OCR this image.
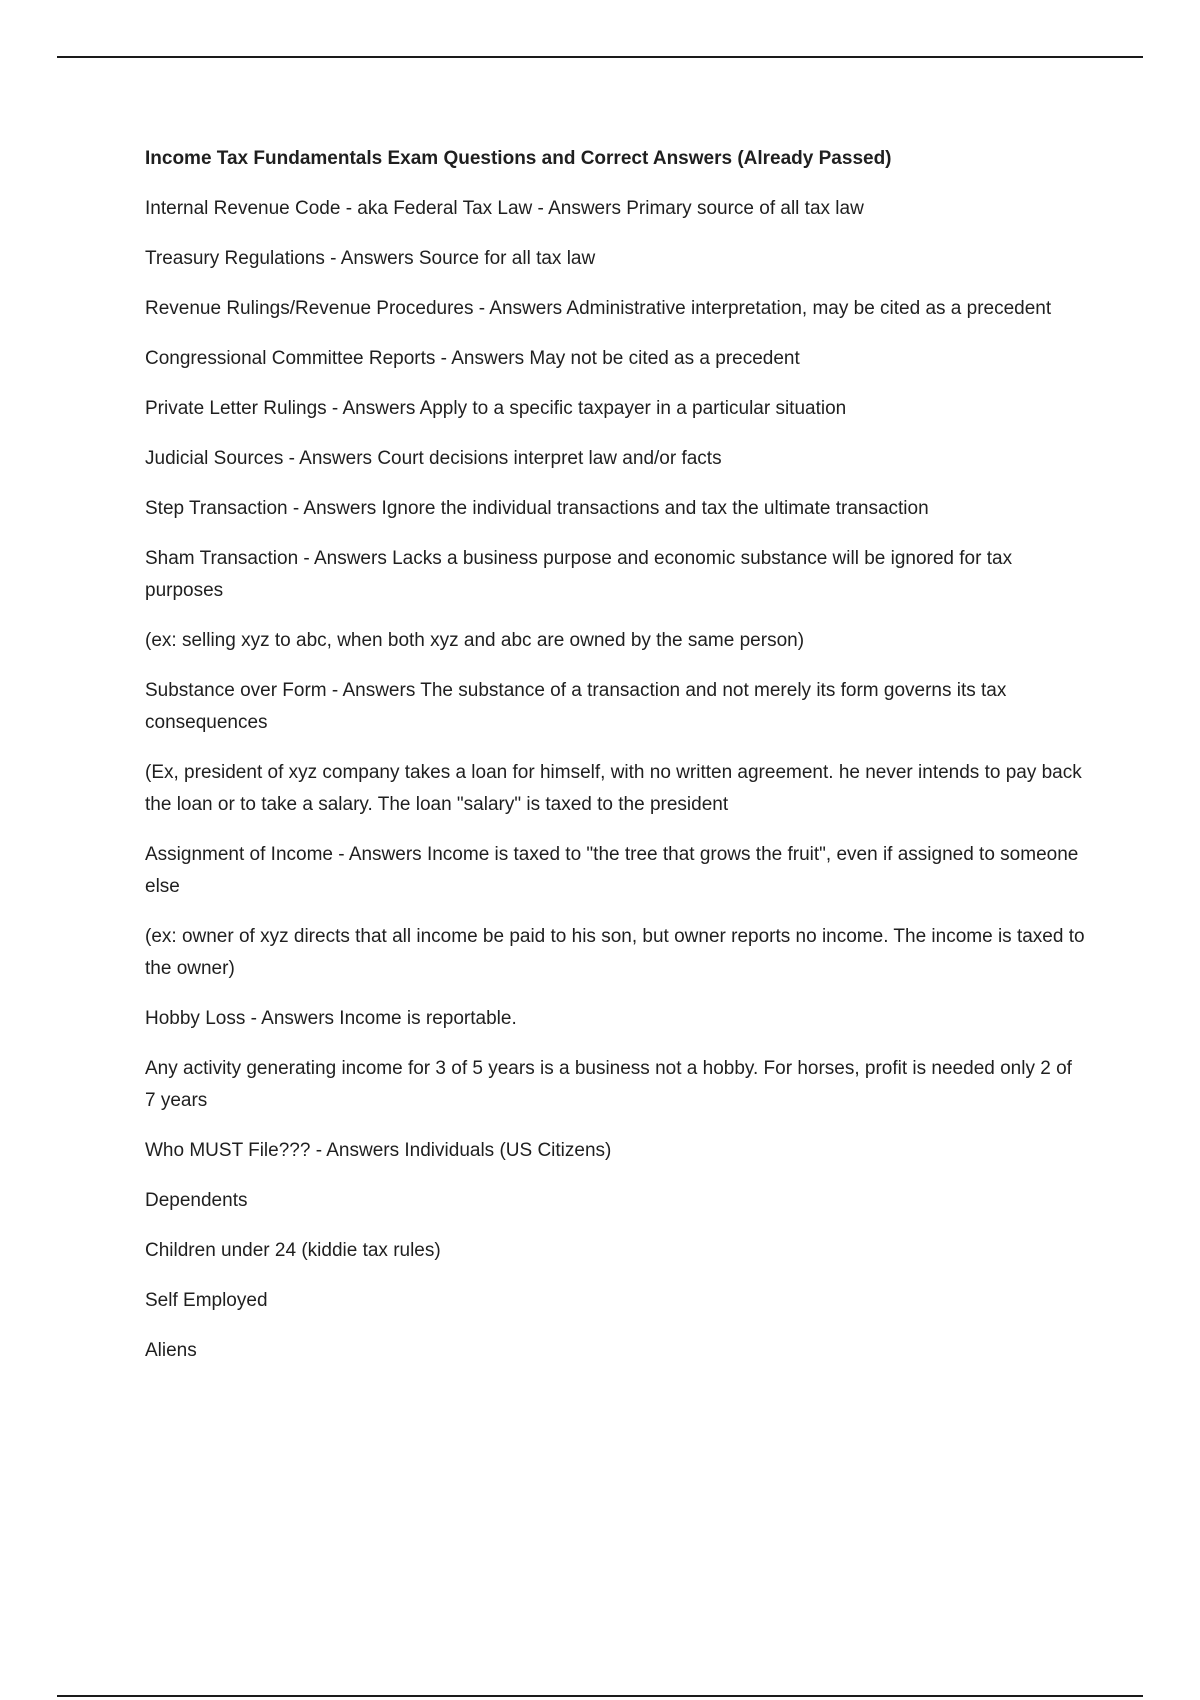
Income Tax Fundamentals Exam Questions and Correct Answers (Already Passed)
Internal Revenue Code - aka Federal Tax Law - Answers Primary source of all tax law
Treasury Regulations - Answers Source for all tax law
Revenue Rulings/Revenue Procedures - Answers Administrative interpretation, may be cited as a precedent
Congressional Committee Reports - Answers May not be cited as a precedent
Private Letter Rulings - Answers Apply to a specific taxpayer in a particular situation
Judicial Sources - Answers Court decisions interpret law and/or facts
Step Transaction - Answers Ignore the individual transactions and tax the ultimate transaction
Sham Transaction - Answers Lacks a business purpose and economic substance will be ignored for tax purposes
(ex: selling xyz to abc, when both xyz and abc are owned by the same person)
Substance over Form - Answers The substance of a transaction and not merely its form governs its tax consequences
(Ex, president of xyz company takes a loan for himself, with no written agreement. he never intends to pay back the loan or to take a salary. The loan "salary" is taxed to the president
Assignment of Income - Answers Income is taxed to "the tree that grows the fruit", even if assigned to someone else
(ex: owner of xyz directs that all income be paid to his son, but owner reports no income. The income is taxed to the owner)
Hobby Loss - Answers Income is reportable.
Any activity generating income for 3 of 5 years is a business not a hobby. For horses, profit is needed only 2 of 7 years
Who MUST File??? - Answers Individuals (US Citizens)
Dependents
Children under 24 (kiddie tax rules)
Self Employed
Aliens
